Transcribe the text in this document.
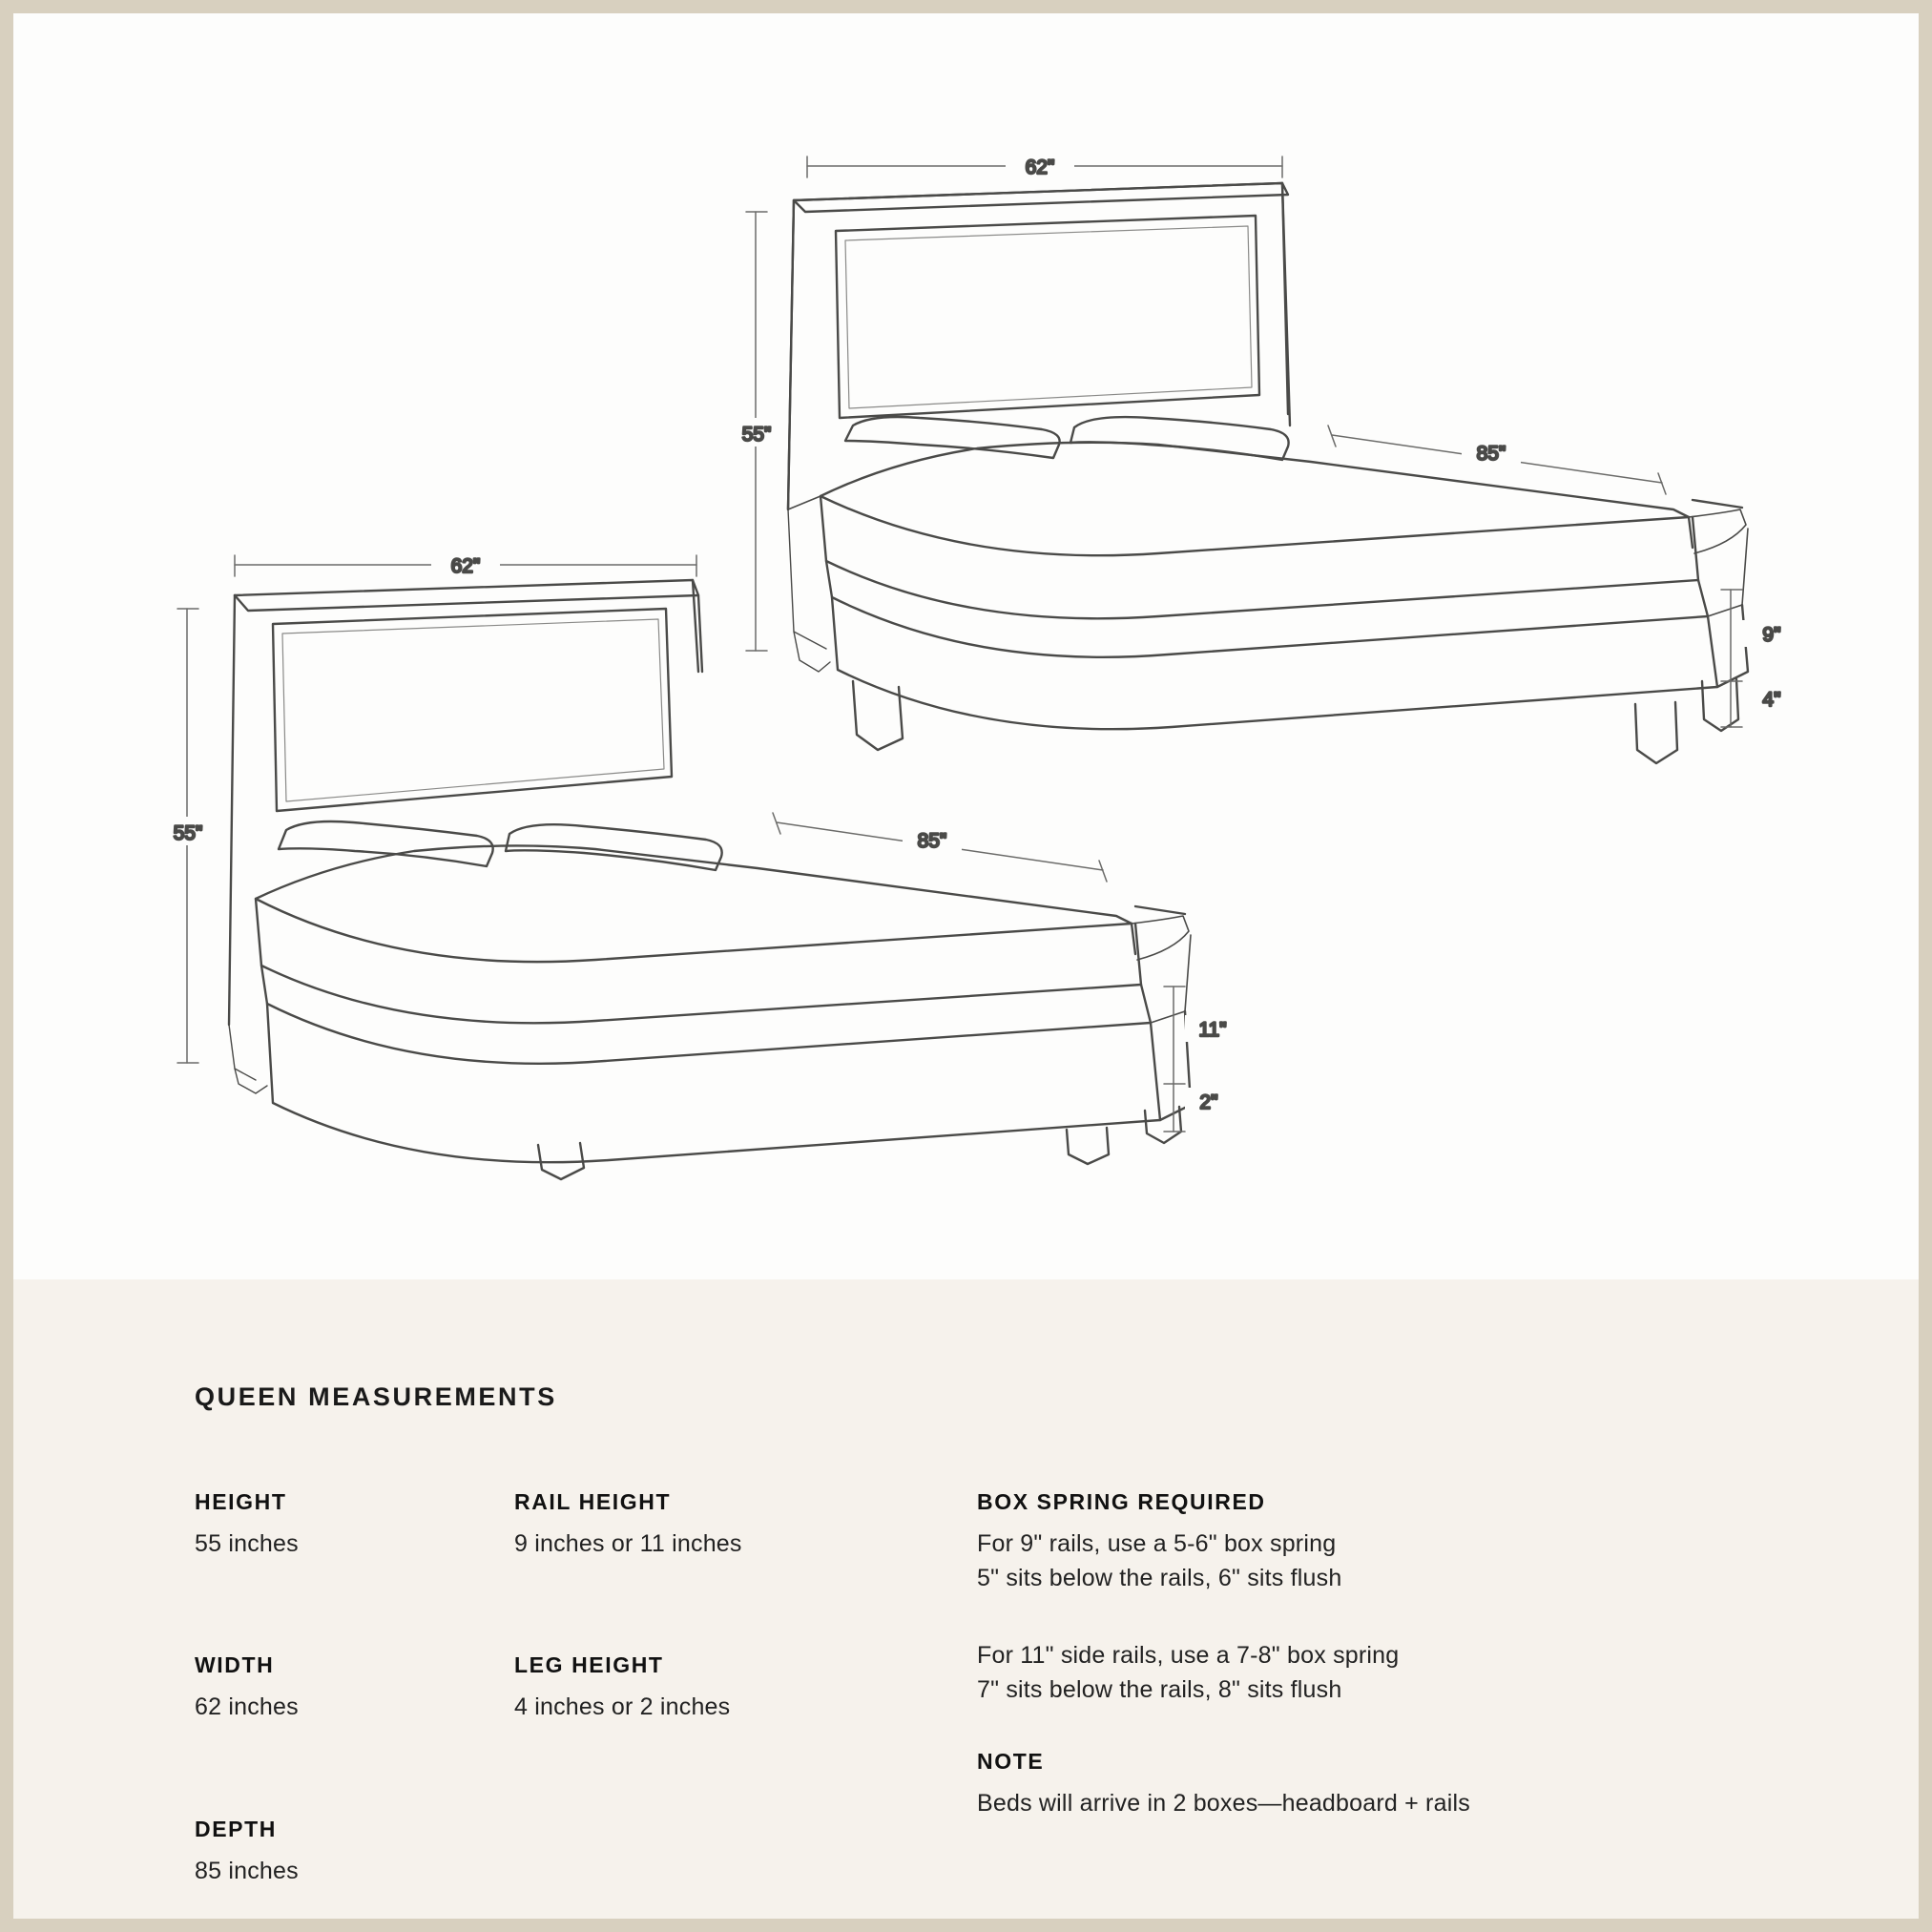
62"
55"
85"
9"
4"
62"
55"	85"
11"
2"
QUEEN MEASUREMENTS
HEIGHT
55 inches
WIDTH
62 inches
DEPTH
85 inches
RAIL HEIGHT
9 inches or 11 inches
LEG HEIGHT
4 inches or 2 inches
BOX SPRING REQUIRED
For 9" rails, use a 5-6" box spring
5" sits below the rails, 6" sits flush
For 11" side rails, use a 7-8" box spring
7" sits below the rails, 8" sits flush
NOTE
Beds will arrive in 2 boxes—headboard + rails
